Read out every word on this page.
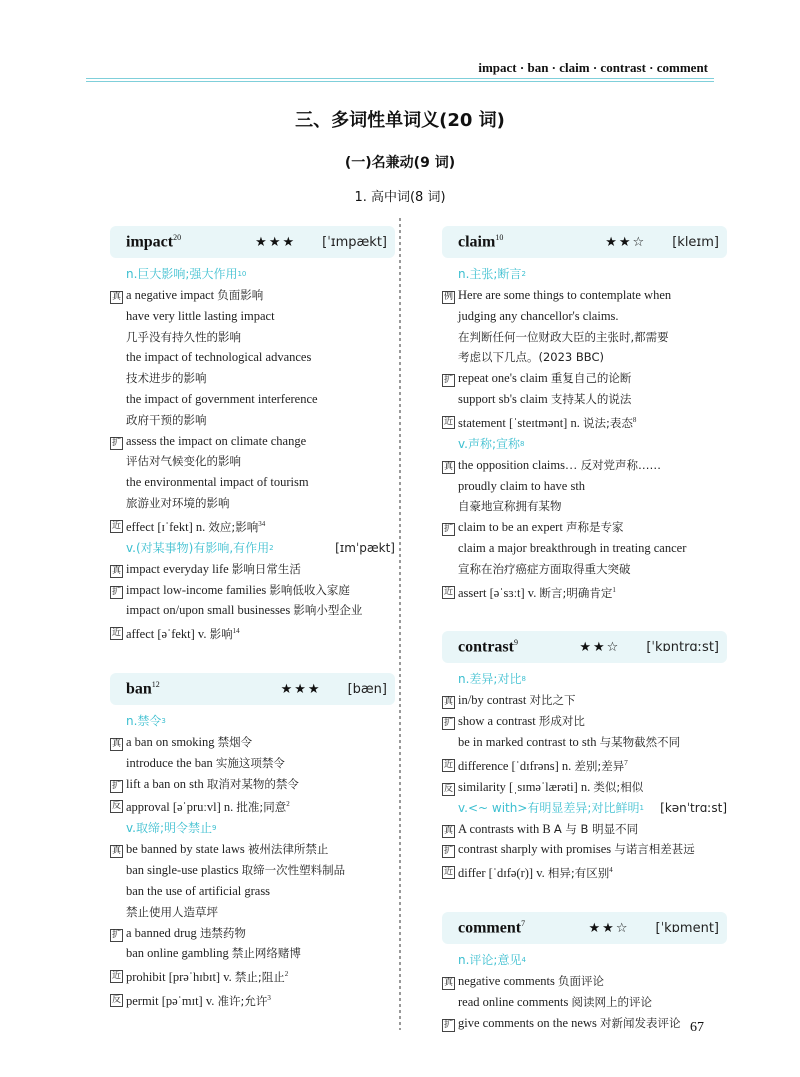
impact · ban · claim · contrast · comment
三、多词性单词义(20 词)
(一)名兼动(9 词)
1. 高中词(8 词)
impact$^{20}$	★★★ [ˈɪmpækt]
n.巨大影响;强大作用 10
真 a negative impact 负面影响
have very little lasting impact
几乎没有持久性的影响
the impact of technological advances
技术进步的影响
the impact of government interference
政府干预的影响
扩 assess the impact on climate change
评估对气候变化的影响
the environmental impact of tourism
旅游业对环境的影响
近 effect [ɪˈfekt] n. 效应;影响$^{34}$
v.(对某事物)有影响,有作用 2	[ɪmˈpækt]
真 impact everyday life 影响日常生活
扩 impact low-income families 影响低收入家庭
impact on/upon small businesses 影响小型企业
近 affect [əˈfekt] v. 影响$^{14}$
ban$^{12}$	★★★ [bæn]
n.禁令 3
真 a ban on smoking 禁烟令
introduce the ban 实施这项禁令
扩 lift a ban on sth 取消对某物的禁令
反 approval [əˈpruːvl] n. 批准;同意$^2$
v.取缔;明令禁止 9
真 be banned by state laws 被州法律所禁止
ban single-use plastics 取缔一次性塑料制品
ban the use of artificial grass
禁止使用人造草坪
扩 a banned drug 违禁药物
ban online gambling 禁止网络赌博
近 prohibit [prəˈhɪbɪt] v. 禁止;阻止$^2$
反 permit [pəˈmɪt] v. 准许;允许$^3$
claim$^{10}$	★★☆ [kleɪm]
n.主张;断言 2
例 Here are some things to contemplate when
judging any chancellor's claims.
在判断任何一位财政大臣的主张时,都需要
考虑以下几点。(2023 BBC)
扩 repeat one's claim 重复自己的论断
support sb's claim 支持某人的说法
近 statement [ˈsteɪtmənt] n. 说法;表态$^8$
v.声称;宣称 8
真 the opposition claims… 反对党声称……
proudly claim to have sth
自豪地宣称拥有某物
扩 claim to be an expert 声称是专家
claim a major breakthrough in treating cancer
宣称在治疗癌症方面取得重大突破
近 assert [əˈsɜːt] v. 断言;明确肯定$^1$
contrast$^9$	★★☆ [ˈkɒntrɑːst]
n.差异;对比 8
真 in/by contrast 对比之下
扩 show a contrast 形成对比
be in marked contrast to sth 与某物截然不同
近 difference [ˈdɪfrəns] n. 差别;差异$^7$
反 similarity [ˌsɪməˈlærəti] n. 类似;相似
v.<~ with>有明显差异;对比鲜明 1 [kənˈtrɑːst]
真 A contrasts with B A 与 B 明显不同
扩 contrast sharply with promises 与诺言相差甚远
近 differ [ˈdɪfə(r)] v. 相异;有区别$^4$
comment$^7$	★★☆ [ˈkɒment]
n.评论;意见 4
真 negative comments 负面评论
read online comments 阅读网上的评论
扩 give comments on the news 对新闻发表评论 67
